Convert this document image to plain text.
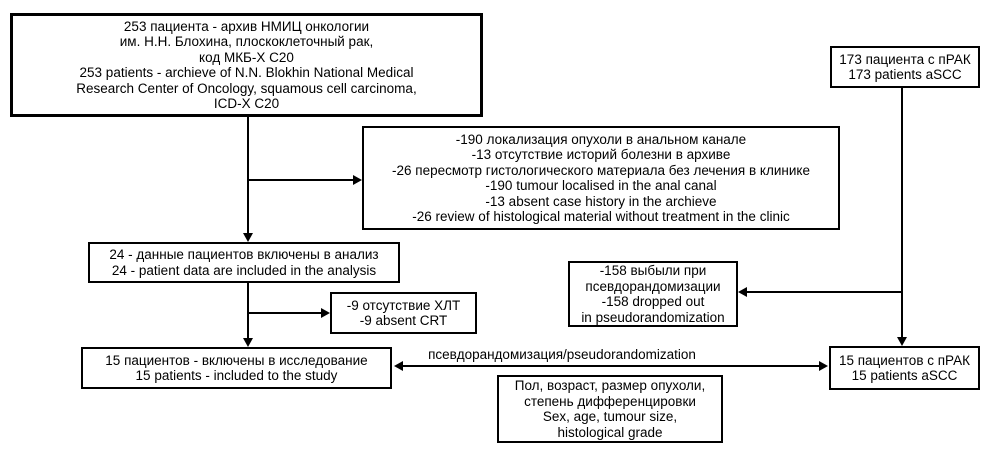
253 пациента - архив НМИЦ онкологии
им. Н.Н. Блохина, плоскоклеточный рак,
код МКБ-Х С20
253 patients - archieve of N.N. Blokhin National Medical
Research Center of Oncology, squamous cell carcinoma,
ICD-X C20
173 пациента с пРАК
173 patients aSCC
-190 локализация опухоли в анальном канале
-13 отсутствие историй болезни в архиве
-26 пересмотр гистологического материала без лечения в клинике
-190 tumour localised in the anal canal
-13 absent case history in the archieve
-26 review of histological material without treatment in the clinic
24 - данные пациентов включены в анализ
24 - patient data are included in the analysis
-9 отсутствие ХЛТ
-9 absent CRT
-158 выбыли при
псевдорандомизации
-158 dropped out
in pseudorandomization
15 пациентов - включены в исследование
15 patients - included to the study
15 пациентов с пРАК
15 patients aSCC
Пол, возраст, размер опухоли,
степень дифференцировки
Sex, age, tumour size,
histological grade
псевдорандомизация/pseudorandomization
